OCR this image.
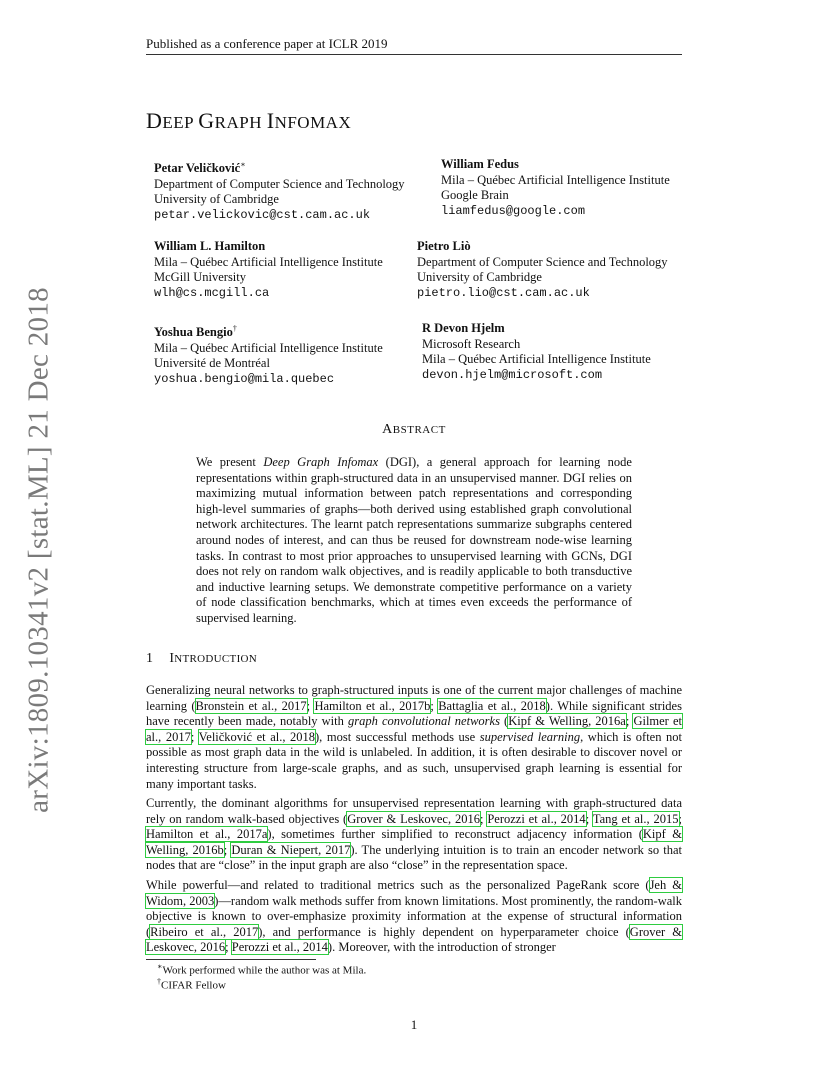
Published as a conference paper at ICLR 2019
arXiv:1809.10341v2 [stat.ML] 21 Dec 2018
DEEP GRAPH INFOMAX
Petar Veličković∗
Department of Computer Science and Technology
University of Cambridge
petar.velickovic@cst.cam.ac.uk
William Fedus
Mila – Québec Artificial Intelligence Institute
Google Brain
liamfedus@google.com
William L. Hamilton
Mila – Québec Artificial Intelligence Institute
McGill University
wlh@cs.mcgill.ca
Pietro Liò
Department of Computer Science and Technology
University of Cambridge
pietro.lio@cst.cam.ac.uk
Yoshua Bengio†
Mila – Québec Artificial Intelligence Institute
Université de Montréal
yoshua.bengio@mila.quebec
R Devon Hjelm
Microsoft Research
Mila – Québec Artificial Intelligence Institute
devon.hjelm@microsoft.com
ABSTRACT
We present Deep Graph Infomax (DGI), a general approach for learning node representations within graph-structured data in an unsupervised manner. DGI relies on maximizing mutual information between patch representations and corresponding high-level summaries of graphs—both derived using established graph convolutional network architectures. The learnt patch representations summarize subgraphs centered around nodes of interest, and can thus be reused for downstream node-wise learning tasks. In contrast to most prior approaches to unsupervised learning with GCNs, DGI does not rely on random walk objectives, and is readily applicable to both transductive and inductive learning setups. We demonstrate competitive performance on a variety of node classification benchmarks, which at times even exceeds the performance of supervised learning.
1 INTRODUCTION

Generalizing neural networks to graph-structured inputs is one of the current major challenges of machine learning (Bronstein et al., 2017; Hamilton et al., 2017b; Battaglia et al., 2018). While significant strides have recently been made, notably with graph convolutional networks (Kipf & Welling, 2016a; Gilmer et al., 2017; Veličković et al., 2018), most successful methods use supervised learning, which is often not possible as most graph data in the wild is unlabeled. In addition, it is often desirable to discover novel or interesting structure from large-scale graphs, and as such, unsupervised graph learning is essential for many important tasks.

Currently, the dominant algorithms for unsupervised representation learning with graph-structured data rely on random walk-based objectives (Grover & Leskovec, 2016; Perozzi et al., 2014; Tang et al., 2015; Hamilton et al., 2017a), sometimes further simplified to reconstruct adjacency information (Kipf & Welling, 2016b; Duran & Niepert, 2017). The underlying intuition is to train an encoder network so that nodes that are “close” in the input graph are also “close” in the representation space.

While powerful—and related to traditional metrics such as the personalized PageRank score (Jeh & Widom, 2003)—random walk methods suffer from known limitations. Most prominently, the random-walk objective is known to over-emphasize proximity information at the expense of structural information (Ribeiro et al., 2017), and performance is highly dependent on hyperparameter choice (Grover & Leskovec, 2016; Perozzi et al., 2014). Moreover, with the introduction of stronger

∗Work performed while the author was at Mila.
†CIFAR Fellow
1
